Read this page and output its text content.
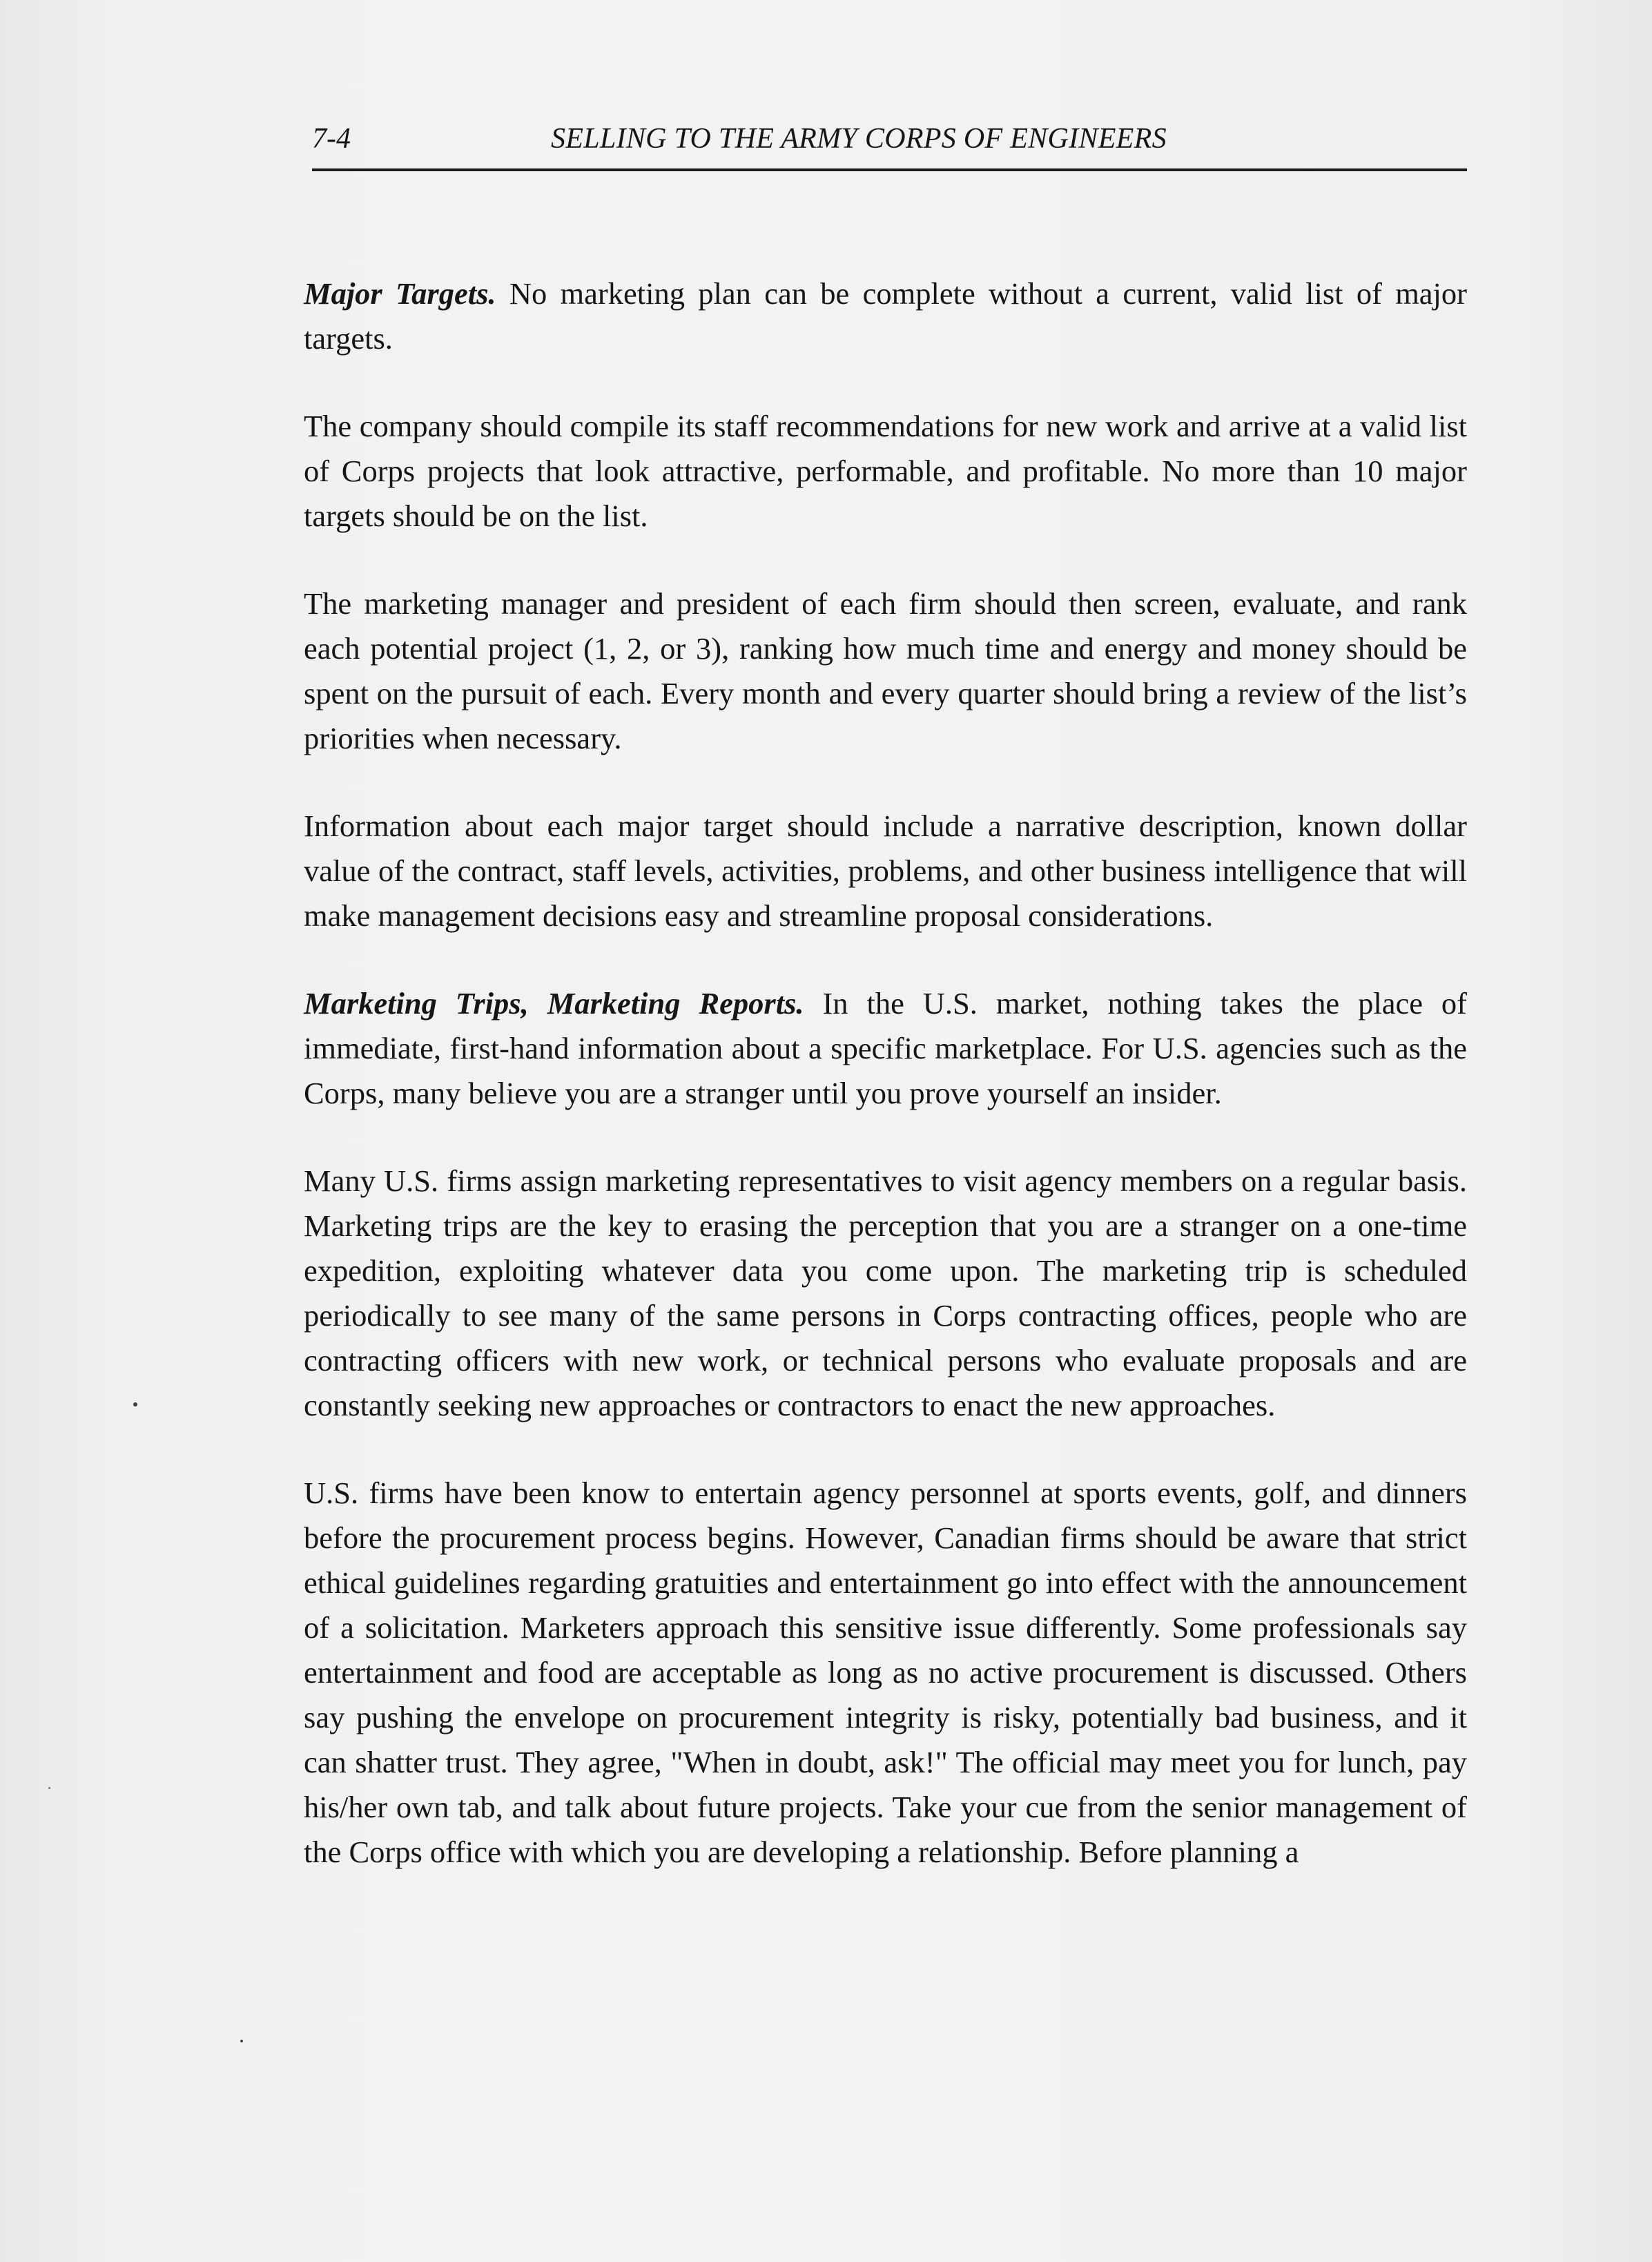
7-4	SELLING TO THE ARMY CORPS OF ENGINEERS

Major Targets. No marketing plan can be complete without a current, valid list of major targets.

The company should compile its staff recommendations for new work and arrive at a valid list of Corps projects that look attractive, performable, and profitable. No more than 10 major targets should be on the list.

The marketing manager and president of each firm should then screen, evaluate, and rank each potential project (1, 2, or 3), ranking how much time and energy and money should be spent on the pursuit of each. Every month and every quarter should bring a review of the list’s priorities when necessary.

Information about each major target should include a narrative description, known dollar value of the contract, staff levels, activities, problems, and other business intelligence that will make management decisions easy and streamline proposal considerations.

Marketing Trips, Marketing Reports. In the U.S. market, nothing takes the place of immediate, first-hand information about a specific marketplace. For U.S. agencies such as the Corps, many believe you are a stranger until you prove yourself an insider.

Many U.S. firms assign marketing representatives to visit agency members on a regular basis. Marketing trips are the key to erasing the perception that you are a stranger on a one-time expedition, exploiting whatever data you come upon. The marketing trip is scheduled periodically to see many of the same persons in Corps contracting offices, people who are contracting officers with new work, or technical persons who evaluate proposals and are constantly seeking new approaches or contractors to enact the new approaches.

U.S. firms have been know to entertain agency personnel at sports events, golf, and dinners before the procurement process begins. However, Canadian firms should be aware that strict ethical guidelines regarding gratuities and entertainment go into effect with the announcement of a solicitation. Marketers approach this sensitive issue differently. Some professionals say entertainment and food are acceptable as long as no active procurement is discussed. Others say pushing the envelope on procurement integrity is risky, potentially bad business, and it can shatter trust. They agree, "When in doubt, ask!" The official may meet you for lunch, pay his/her own tab, and talk about future projects. Take your cue from the senior management of the Corps office with which you are developing a relationship. Before planning a
